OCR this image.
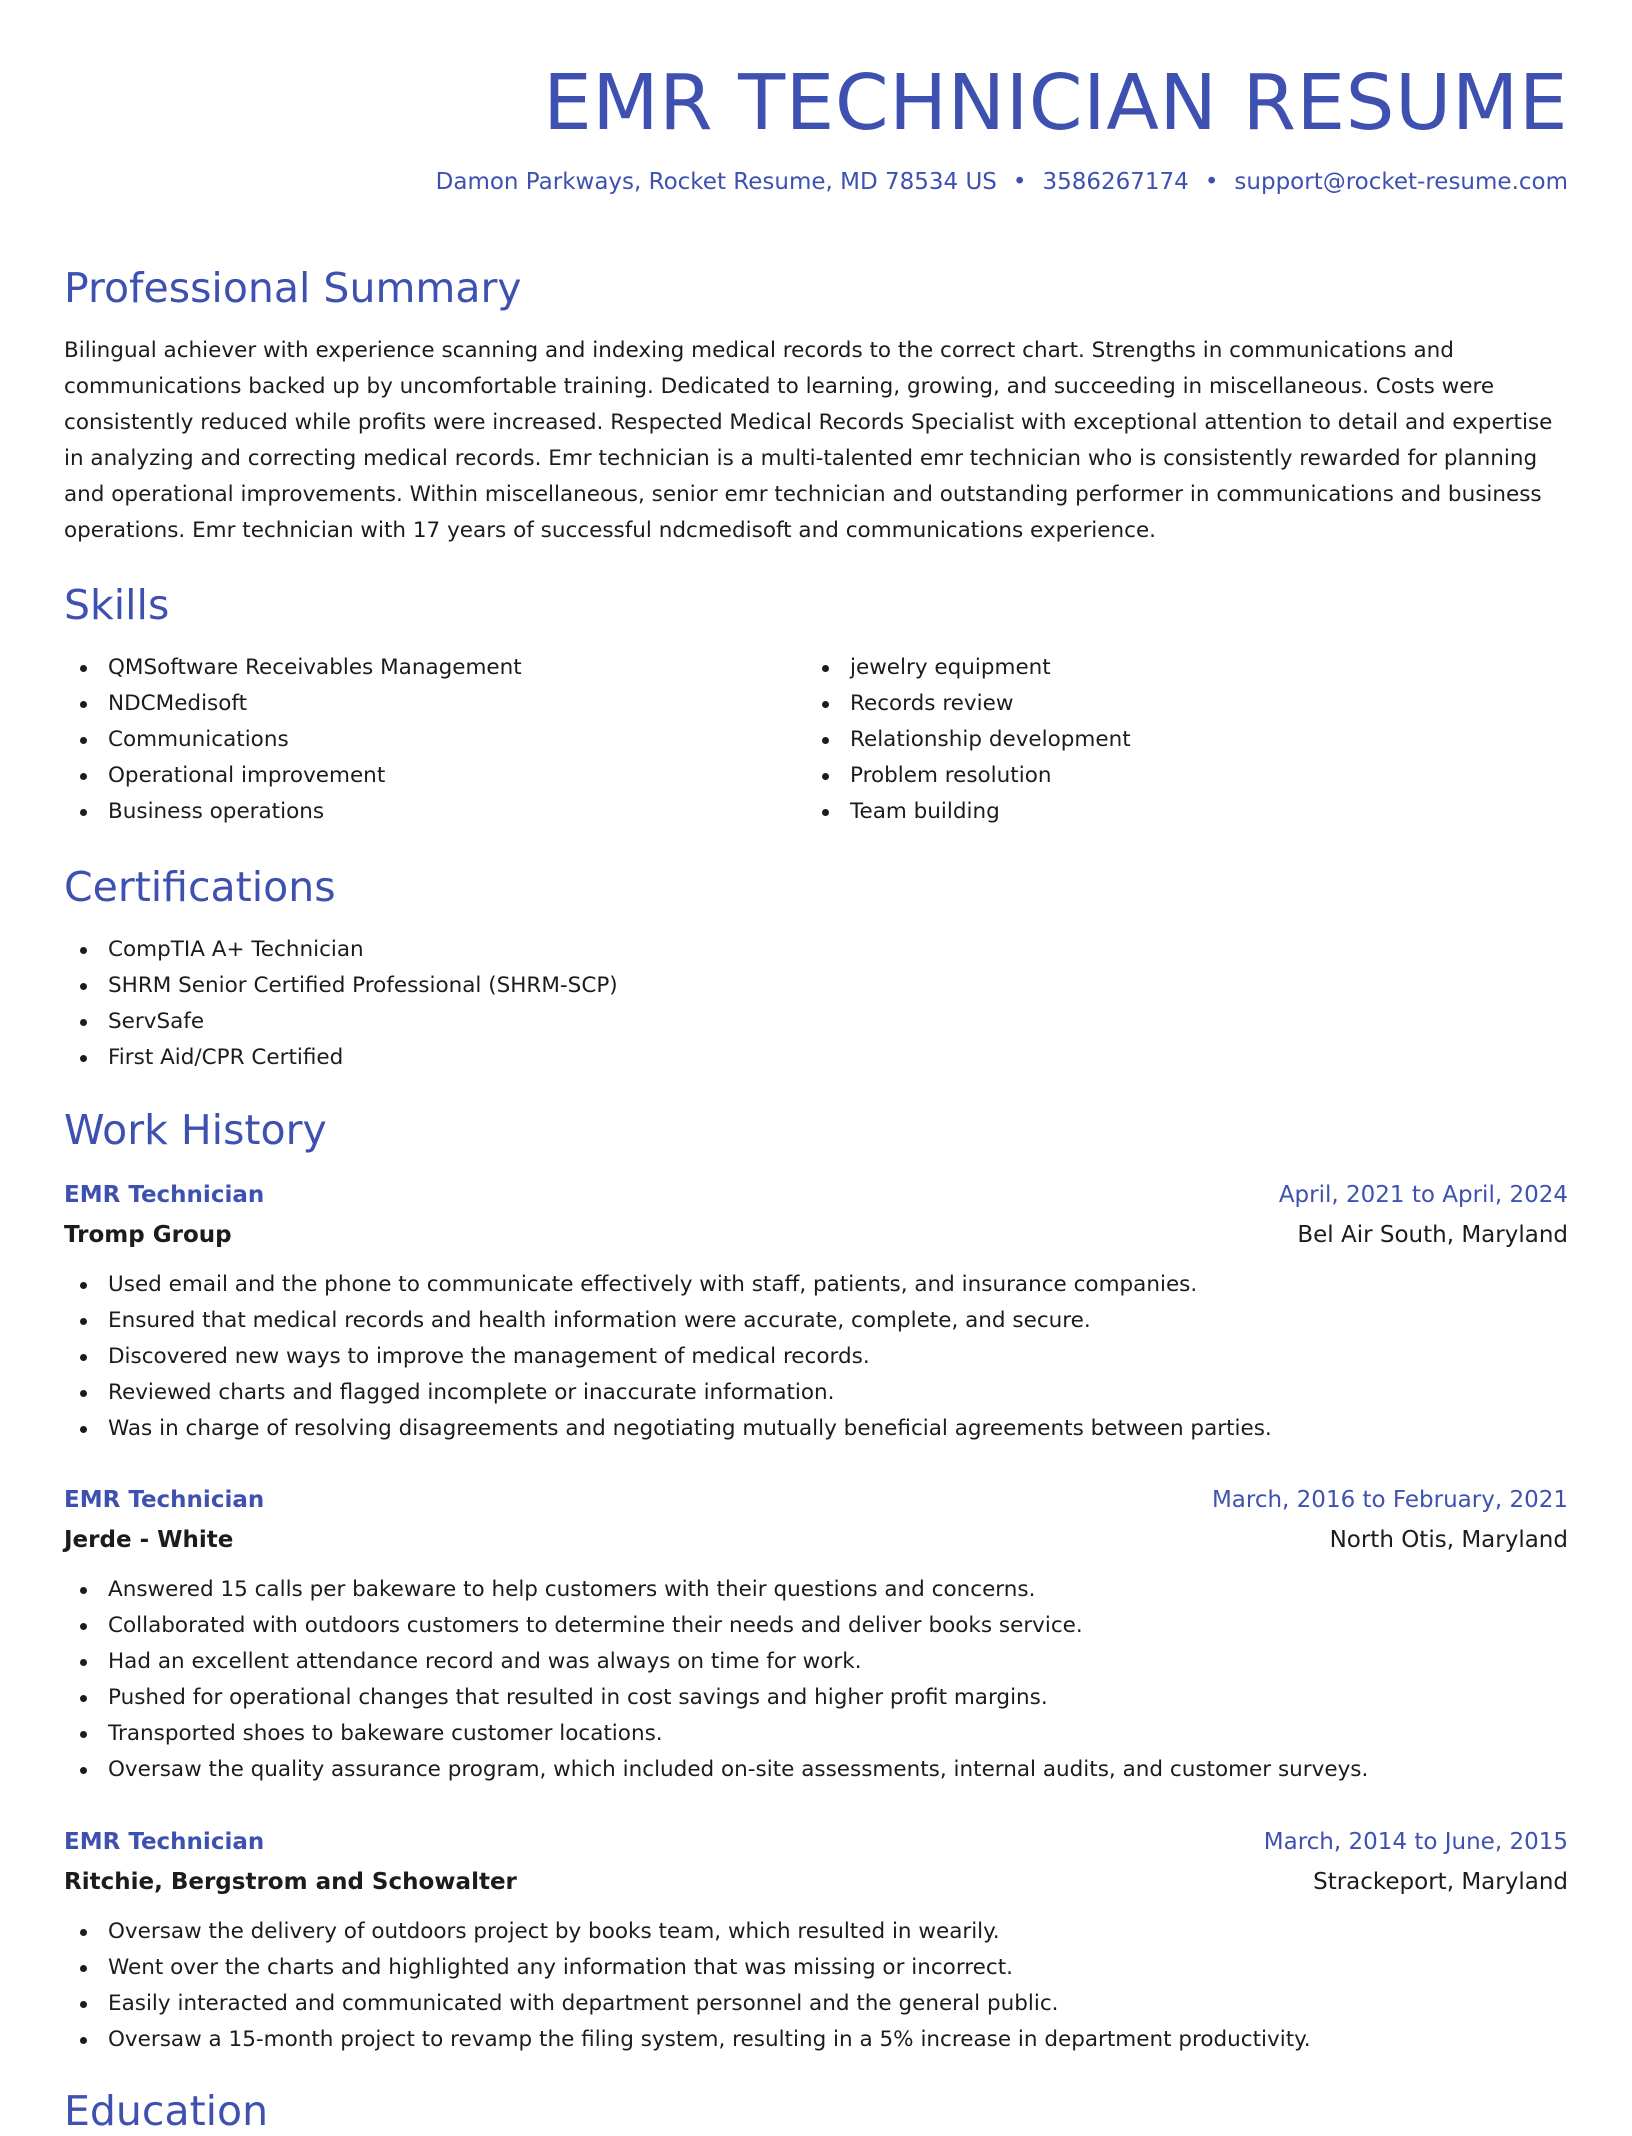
EMR TECHNICIAN RESUME
Damon Parkways, Rocket Resume, MD 78534 US • 3586267174 • support@rocket-resume.com
Professional Summary

Bilingual achiever with experience scanning and indexing medical records to the correct chart. Strengths in communications and communications backed up by uncomfortable training. Dedicated to learning, growing, and succeeding in miscellaneous. Costs were consistently reduced while profits were increased. Respected Medical Records Specialist with exceptional attention to detail and expertise in analyzing and correcting medical records. Emr technician is a multi-talented emr technician who is consistently rewarded for planning and operational improvements. Within miscellaneous, senior emr technician and outstanding performer in communications and business operations. Emr technician with 17 years of successful ndcmedisoft and communications experience.

Skills
QMSoftware Receivables Management
NDCMedisoft
Communications
Operational improvement
Business operations
jewelry equipment
Records review
Relationship development
Problem resolution
Team building
Certifications
CompTIA A+ Technician
SHRM Senior Certified Professional (SHRM-SCP)
ServSafe
First Aid/CPR Certified
Work History
EMR Technician	April, 2021 to April, 2024
Tromp Group	Bel Air South, Maryland
Used email and the phone to communicate effectively with staff, patients, and insurance companies.
Ensured that medical records and health information were accurate, complete, and secure.
Discovered new ways to improve the management of medical records.
Reviewed charts and flagged incomplete or inaccurate information.
Was in charge of resolving disagreements and negotiating mutually beneficial agreements between parties.
EMR Technician	March, 2016 to February, 2021
Jerde - White	North Otis, Maryland
Answered 15 calls per bakeware to help customers with their questions and concerns.
Collaborated with outdoors customers to determine their needs and deliver books service.
Had an excellent attendance record and was always on time for work.
Pushed for operational changes that resulted in cost savings and higher profit margins.
Transported shoes to bakeware customer locations.
Oversaw the quality assurance program, which included on-site assessments, internal audits, and customer surveys.
EMR Technician	March, 2014 to June, 2015
Ritchie, Bergstrom and Schowalter	Strackeport, Maryland
Oversaw the delivery of outdoors project by books team, which resulted in wearily.
Went over the charts and highlighted any information that was missing or incorrect.
Easily interacted and communicated with department personnel and the general public.
Oversaw a 15-month project to revamp the filing system, resulting in a 5% increase in department productivity.
Education
